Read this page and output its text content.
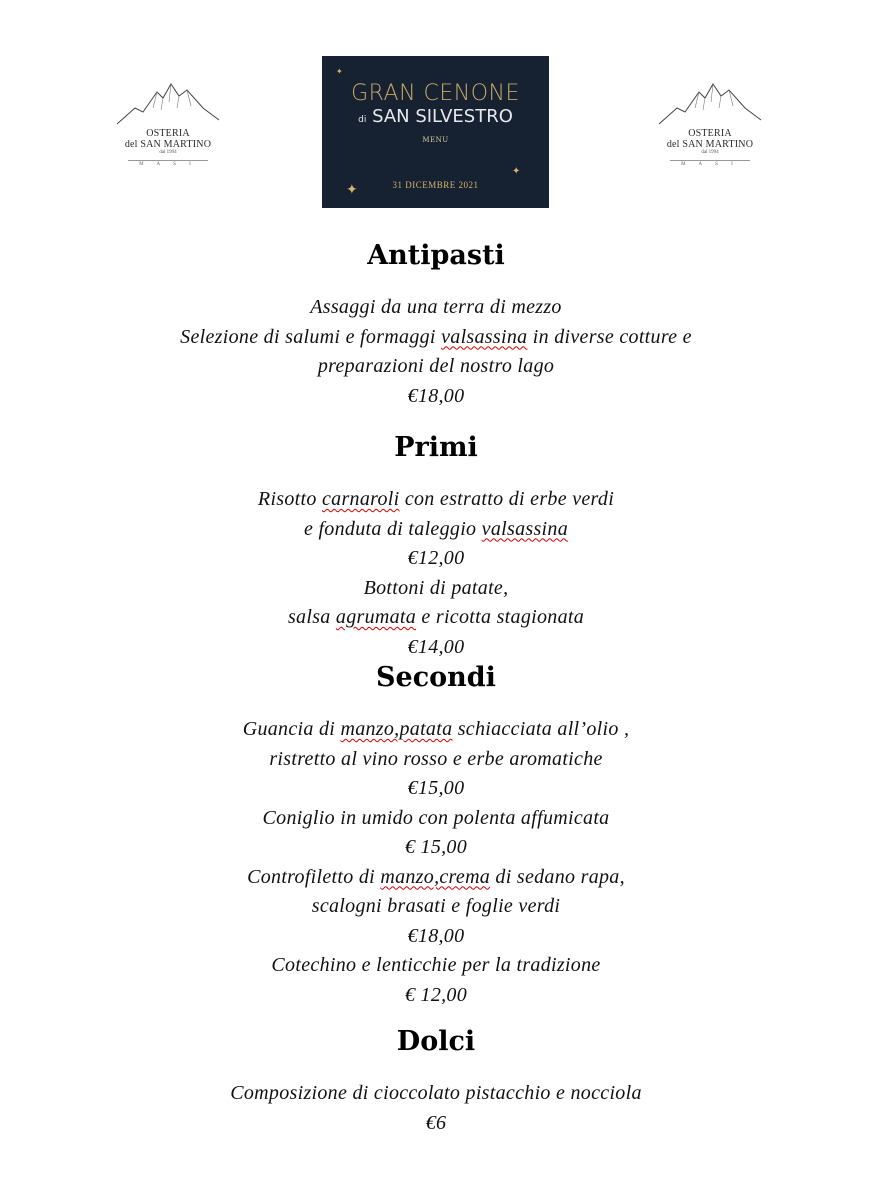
OSTERIA
del SAN MARTINO
dal 1994
M A S I
✦
✦
✦
GRAN CENONE
di SAN SILVESTRO
MENU
31 DICEMBRE 2021
OSTERIA
del SAN MARTINO
dal 1994
M A S I
Antipasti
Assaggi da una terra di mezzo
Selezione di salumi e formaggi valsassina in diverse cotture e
preparazioni del nostro lago
€18,00
Primi
Risotto carnaroli con estratto di erbe verdi
e fonduta di taleggio valsassina
€12,00
Bottoni di patate,
salsa agrumata e ricotta stagionata
€14,00
Secondi
Guancia di manzo,patata schiacciata all’olio ,
ristretto al vino rosso e erbe aromatiche
€15,00
Coniglio in umido con polenta affumicata
€ 15,00
Controfiletto di manzo,crema di sedano rapa,
scalogni brasati e foglie verdi
€18,00
Cotechino e lenticchie per la tradizione
€ 12,00
Dolci
Composizione di cioccolato pistacchio e nocciola
€6
